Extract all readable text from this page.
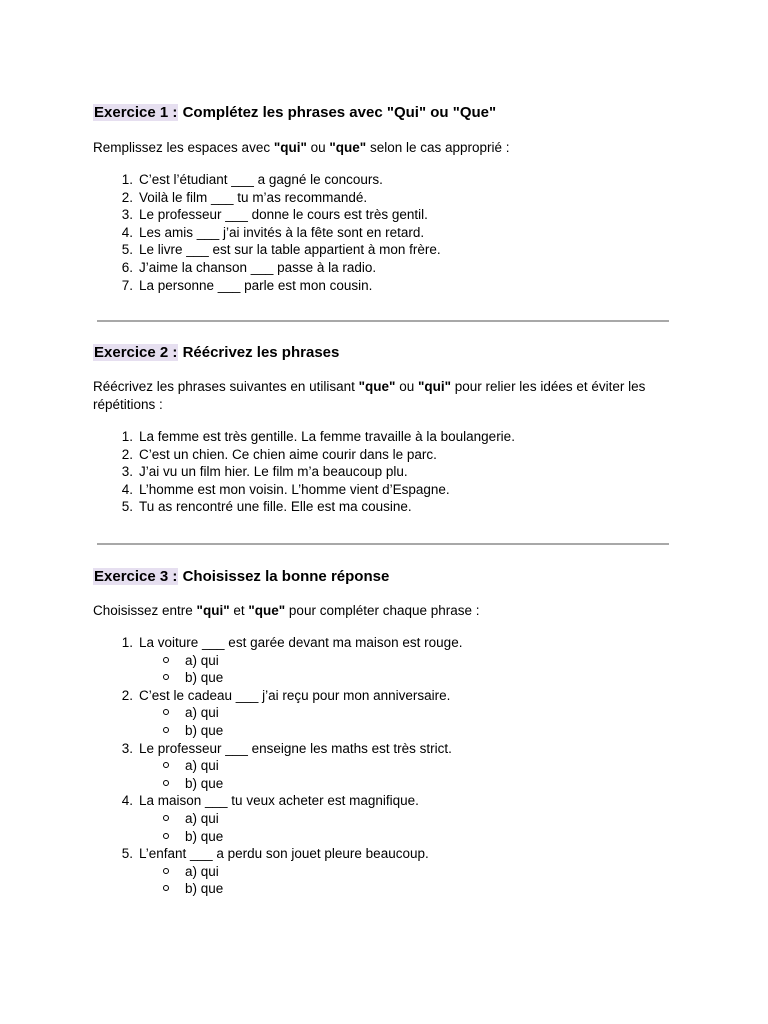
Exercice 1 : Complétez les phrases avec "Qui" ou "Que"

Remplissez les espaces avec "qui" ou "que" selon le cas approprié :

1. C’est l’étudiant ___ a gagné le concours.
2. Voilà le film ___ tu m’as recommandé.
3. Le professeur ___ donne le cours est très gentil.
4. Les amis ___ j’ai invités à la fête sont en retard.
5. Le livre ___ est sur la table appartient à mon frère.
6. J’aime la chanson ___ passe à la radio.
7. La personne ___ parle est mon cousin.

Exercice 2 : Réécrivez les phrases

Réécrivez les phrases suivantes en utilisant "que" ou "qui" pour relier les idées et éviter les répétitions :

1. La femme est très gentille. La femme travaille à la boulangerie.
2. C’est un chien. Ce chien aime courir dans le parc.
3. J’ai vu un film hier. Le film m’a beaucoup plu.
4. L’homme est mon voisin. L’homme vient d’Espagne.
5. Tu as rencontré une fille. Elle est ma cousine.

Exercice 3 : Choisissez la bonne réponse

Choisissez entre "qui" et "que" pour compléter chaque phrase :

1. La voiture ___ est garée devant ma maison est rouge.
a) qui
b) que
2. C’est le cadeau ___ j’ai reçu pour mon anniversaire.
a) qui
b) que
3. Le professeur ___ enseigne les maths est très strict.
a) qui
b) que
4. La maison ___ tu veux acheter est magnifique.
a) qui
b) que
5. L’enfant ___ a perdu son jouet pleure beaucoup.
a) qui
b) que
